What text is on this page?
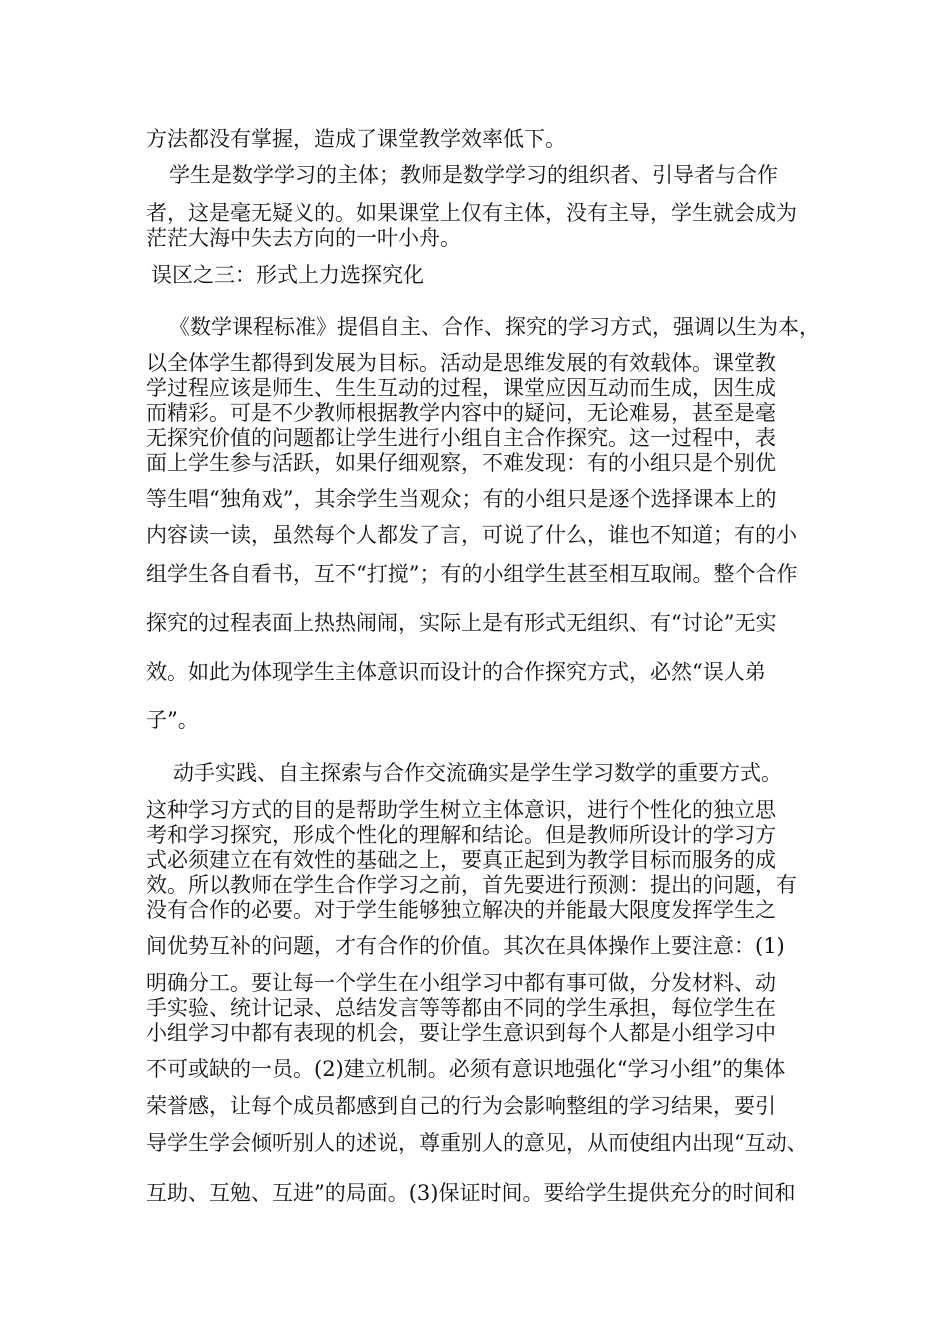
方法都没有掌握，造成了课堂教学效率低下。
学生是数学学习的主体；教师是数学学习的组织者、引导者与合作
者，这是毫无疑义的。如果课堂上仅有主体，没有主导，学生就会成为
茫茫大海中失去方向的一叶小舟。
误区之三：形式上力选探究化
《数学课程标准》提倡自主、合作、探究的学习方式，强调以生为本，
以全体学生都得到发展为目标。活动是思维发展的有效载体。课堂教
学过程应该是师生、生生互动的过程，课堂应因互动而生成，因生成
而精彩。可是不少教师根据教学内容中的疑问，无论难易，甚至是毫
无探究价值的问题都让学生进行小组自主合作探究。这一过程中，表
面上学生参与活跃，如果仔细观察，不难发现：有的小组只是个别优
等生唱“独角戏”，其余学生当观众；有的小组只是逐个选择课本上的
内容读一读，虽然每个人都发了言，可说了什么，谁也不知道；有的小
组学生各自看书，互不“打搅”；有的小组学生甚至相互取闹。整个合作
探究的过程表面上热热闹闹，实际上是有形式无组织、有“讨论”无实
效。如此为体现学生主体意识而设计的合作探究方式，必然“误人弟
子”。
动手实践、自主探索与合作交流确实是学生学习数学的重要方式。
这种学习方式的目的是帮助学生树立主体意识，进行个性化的独立思
考和学习探究，形成个性化的理解和结论。但是教师所设计的学习方
式必须建立在有效性的基础之上，要真正起到为教学目标而服务的成
效。所以教师在学生合作学习之前，首先要进行预测：提出的问题，有
没有合作的必要。对于学生能够独立解决的并能最大限度发挥学生之
间优势互补的问题，才有合作的价值。其次在具体操作上要注意：(1)
明确分工。要让每一个学生在小组学习中都有事可做，分发材料、动
手实验、统计记录、总结发言等等都由不同的学生承担，每位学生在
小组学习中都有表现的机会，要让学生意识到每个人都是小组学习中
不可或缺的一员。(2)建立机制。必须有意识地强化“学习小组”的集体
荣誉感，让每个成员都感到自己的行为会影响整组的学习结果，要引
导学生学会倾听别人的述说，尊重别人的意见，从而使组内出现“互动、
互助、互勉、互进”的局面。(3)保证时间。要给学生提供充分的时间和
